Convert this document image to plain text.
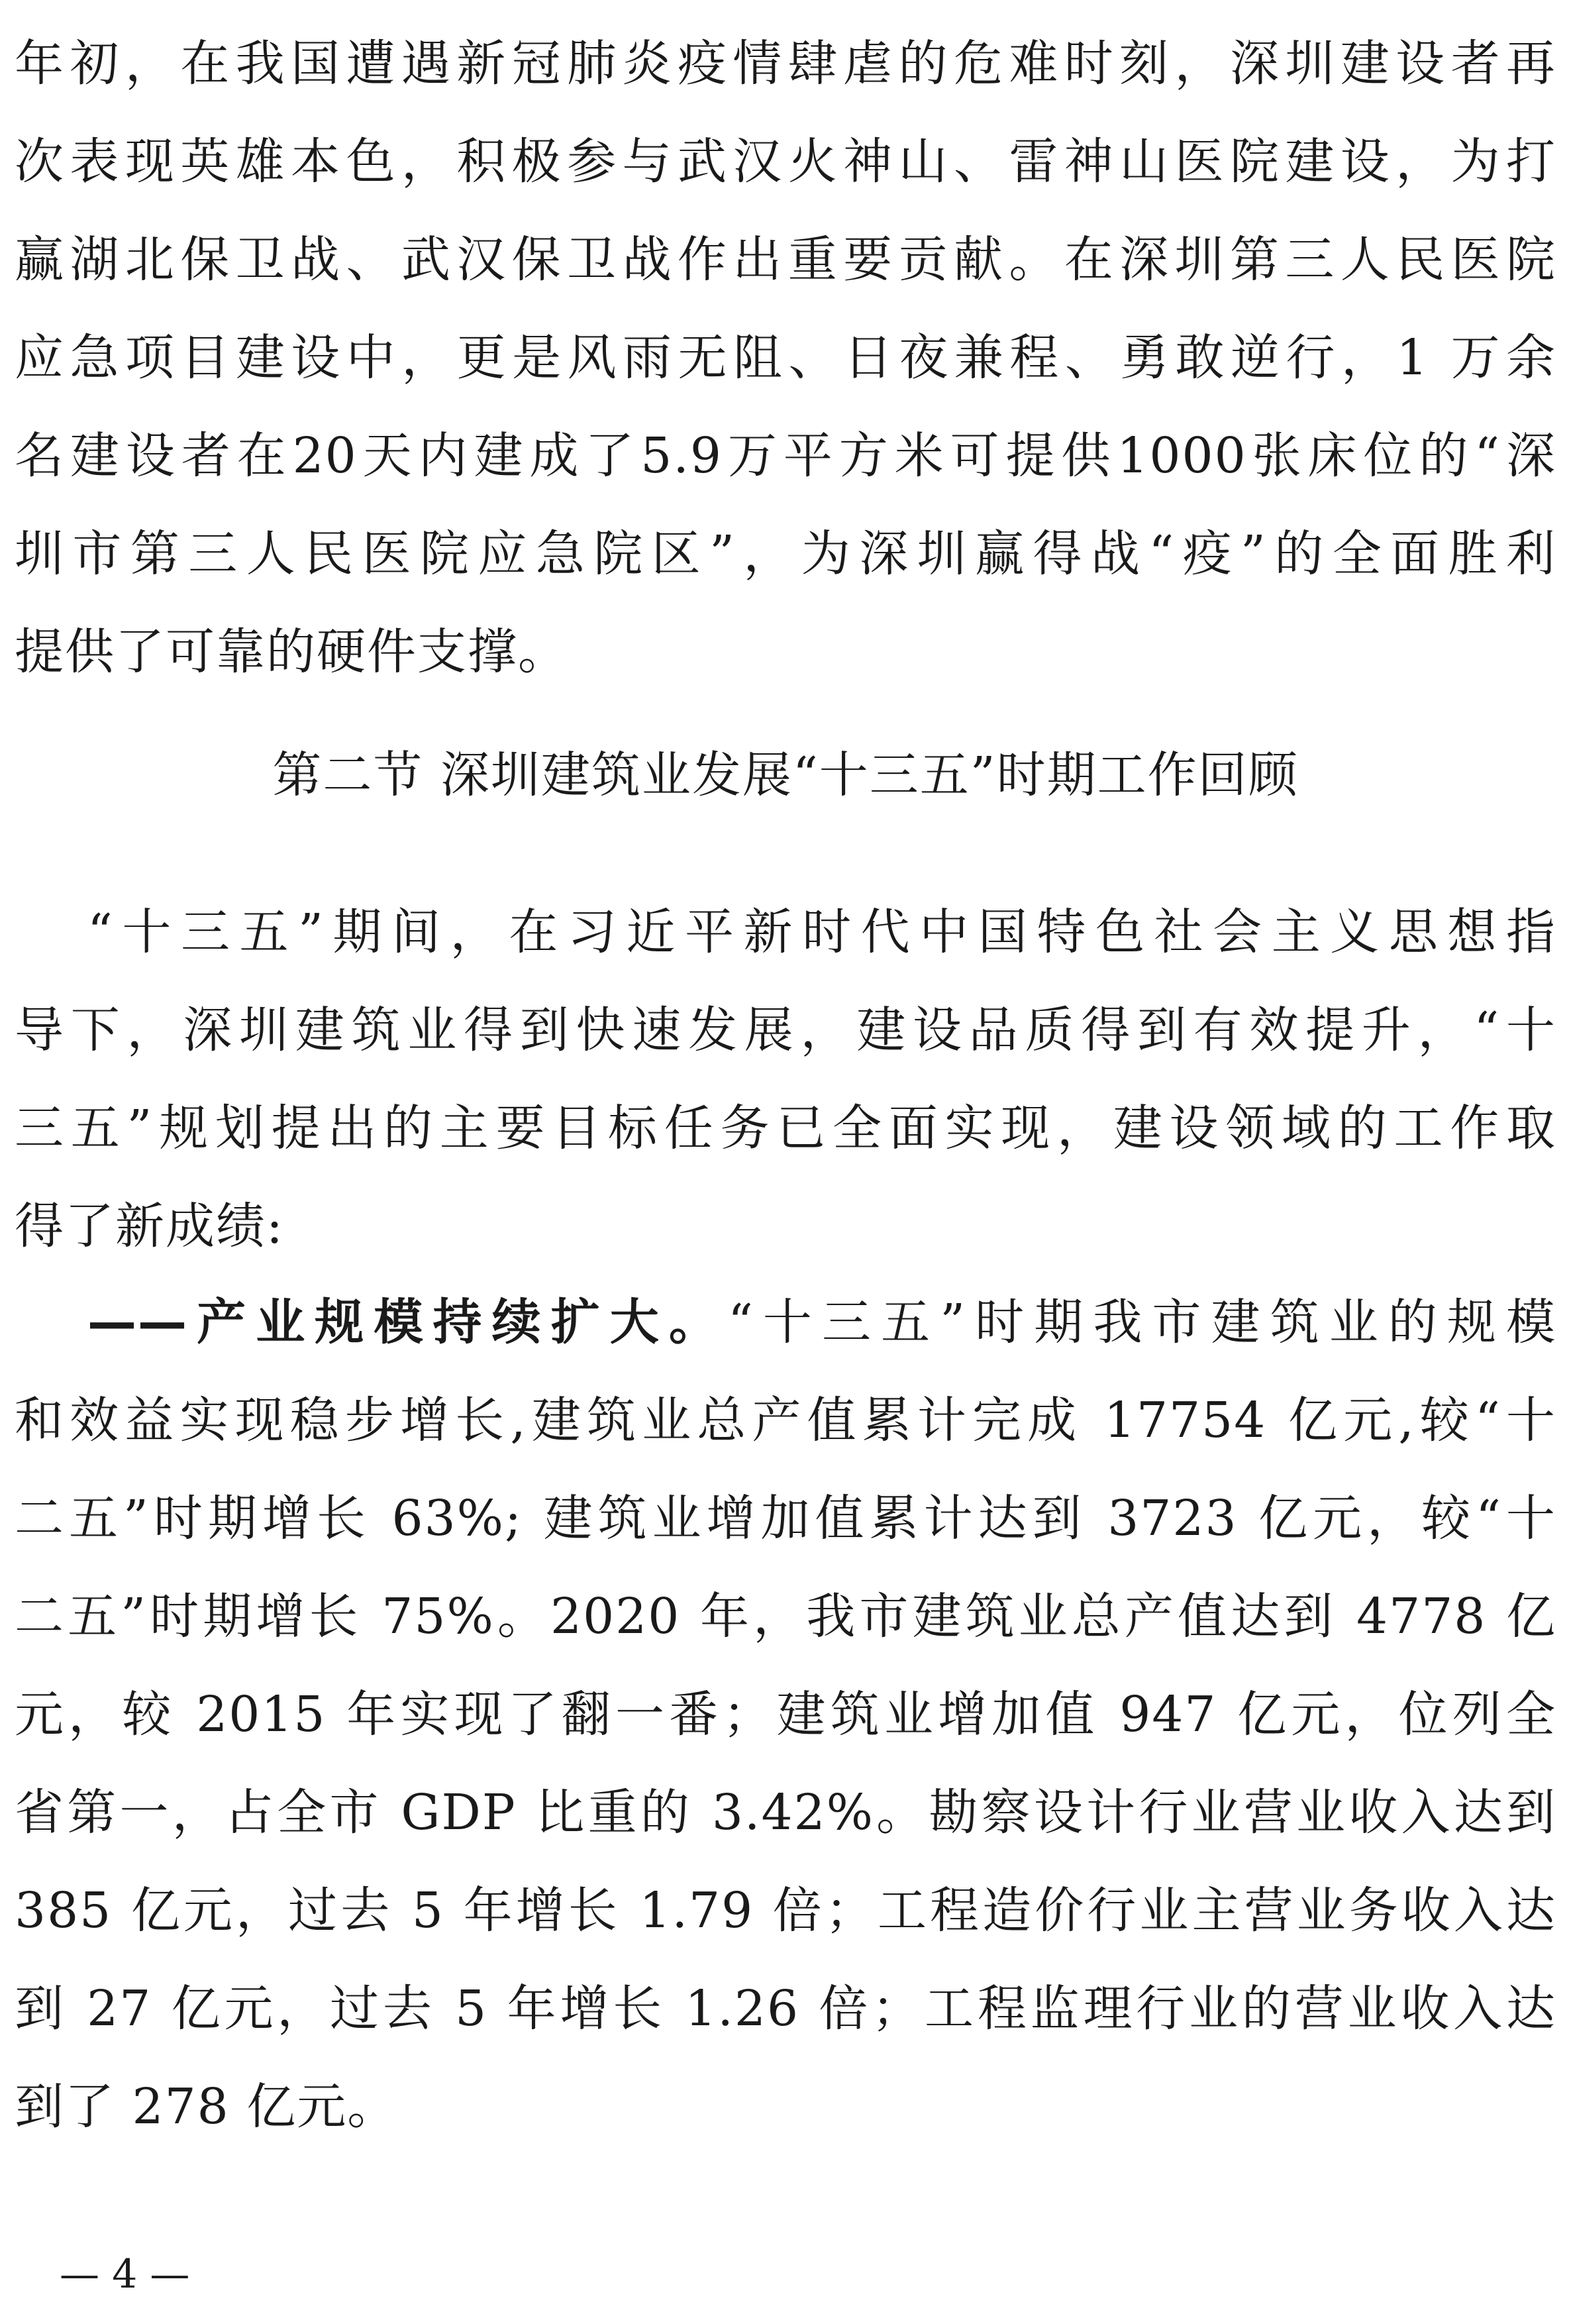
年初，在我国遭遇新冠肺炎疫情肆虐的危难时刻，深圳建设者再
次表现英雄本色，积极参与武汉火神山、雷神山医院建设，为打
赢湖北保卫战、武汉保卫战作出重要贡献。在深圳第三人民医院
应急项目建设中，更是风雨无阻、日夜兼程、勇敢逆行，1 万余
名建设者在20天内建成了5.9万平方米可提供1000张床位的“深
圳市第三人民医院应急院区”，为深圳赢得战“疫”的全面胜利
提供了可靠的硬件支撑。
第二节 深圳建筑业发展“十三五”时期工作回顾
“十三五”期间，在习近平新时代中国特色社会主义思想指
导下，深圳建筑业得到快速发展，建设品质得到有效提升，“十
三五”规划提出的主要目标任务已全面实现，建设领域的工作取
得了新成绩:
——产业规模持续扩大。“十三五”时期我市建筑业的规模
和效益实现稳步增长,建筑业总产值累计完成 17754 亿元,较“十
二五”时期增长 63%; 建筑业增加值累计达到 3723 亿元，较“十
二五”时期增长 75%。2020 年，我市建筑业总产值达到 4778 亿
元，较 2015 年实现了翻一番；建筑业增加值 947 亿元，位列全
省第一，占全市 GDP 比重的 3.42%。勘察设计行业营业收入达到
385 亿元，过去 5 年增长 1.79 倍；工程造价行业主营业务收入达
到 27 亿元，过去 5 年增长 1.26 倍；工程监理行业的营业收入达
到了 278 亿元。
— 4 —
